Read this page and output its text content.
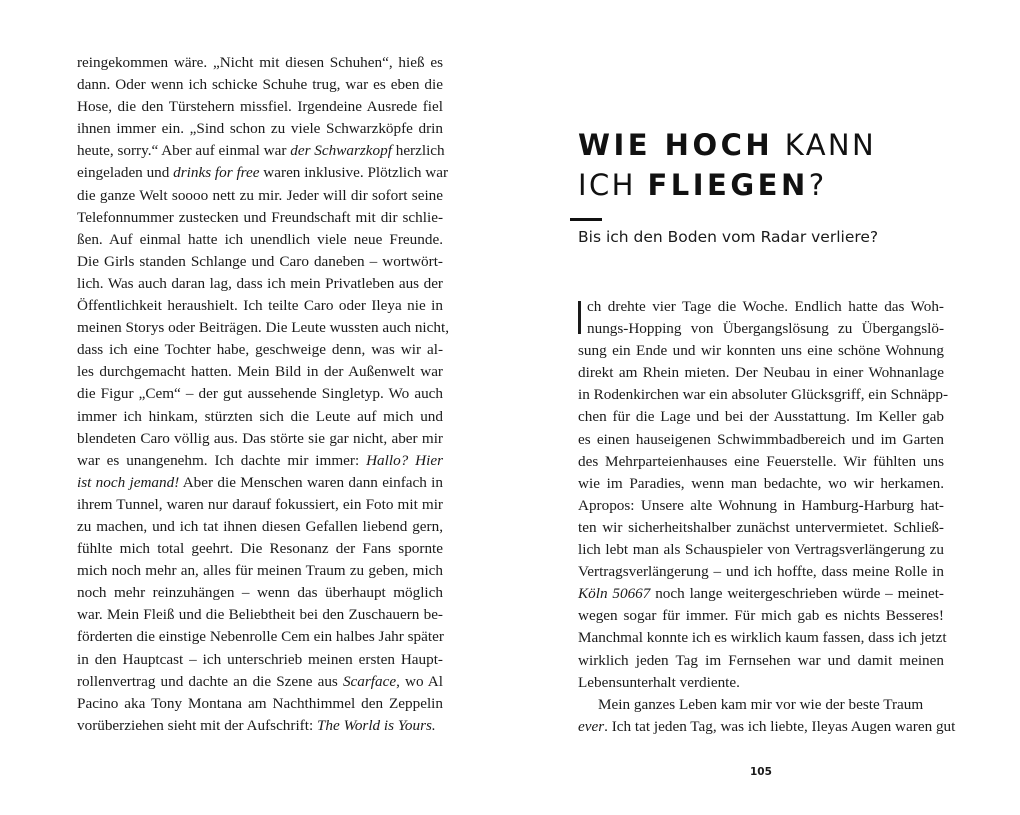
reingekommen wäre. „Nicht mit diesen Schuhen“, hieß es
dann. Oder wenn ich schicke Schuhe trug, war es eben die
Hose, die den Türstehern missfiel. Irgendeine Ausrede fiel
ihnen immer ein. „Sind schon zu viele Schwarzköpfe drin
heute, sorry.“ Aber auf einmal war der Schwarzkopf herzlich
eingeladen und drinks for free waren inklusive. Plötzlich war
die ganze Welt soooo nett zu mir. Jeder will dir sofort seine
Telefonnummer zustecken und Freundschaft mit dir schlie-
ßen. Auf einmal hatte ich unendlich viele neue Freunde.
Die Girls standen Schlange und Caro daneben – wortwört-
lich. Was auch daran lag, dass ich mein Privatleben aus der
Öffentlichkeit heraushielt. Ich teilte Caro oder Ileya nie in
meinen Storys oder Beiträgen. Die Leute wussten auch nicht,
dass ich eine Tochter habe, geschweige denn, was wir al-
les durchgemacht hatten. Mein Bild in der Außenwelt war
die Figur „Cem“ – der gut aussehende Singletyp. Wo auch
immer ich hinkam, stürzten sich die Leute auf mich und
blendeten Caro völlig aus. Das störte sie gar nicht, aber mir
war es unangenehm. Ich dachte mir immer: Hallo? Hier
ist noch jemand! Aber die Menschen waren dann einfach in
ihrem Tunnel, waren nur darauf fokussiert, ein Foto mit mir
zu machen, und ich tat ihnen diesen Gefallen liebend gern,
fühlte mich total geehrt. Die Resonanz der Fans spornte
mich noch mehr an, alles für meinen Traum zu geben, mich
noch mehr reinzuhängen – wenn das überhaupt möglich
war. Mein Fleiß und die Beliebtheit bei den Zuschauern be-
förderten die einstige Nebenrolle Cem ein halbes Jahr später
in den Hauptcast – ich unterschrieb meinen ersten Haupt-
rollenvertrag und dachte an die Szene aus Scarface, wo Al
Pacino aka Tony Montana am Nachthimmel den Zeppelin
vorüberziehen sieht mit der Aufschrift: The World is Yours.
WIE HOCH KANN
ICH FLIEGEN?
Bis ich den Boden vom Radar verliere?
ch drehte vier Tage die Woche. Endlich hatte das Woh-
nungs-Hopping von Übergangslösung zu Übergangslö-
sung ein Ende und wir konnten uns eine schöne Wohnung
direkt am Rhein mieten. Der Neubau in einer Wohnanlage
in Rodenkirchen war ein absoluter Glücksgriff, ein Schnäpp-
chen für die Lage und bei der Ausstattung. Im Keller gab
es einen hauseigenen Schwimmbadbereich und im Garten
des Mehrparteienhauses eine Feuerstelle. Wir fühlten uns
wie im Paradies, wenn man bedachte, wo wir herkamen.
Apropos: Unsere alte Wohnung in Hamburg-Harburg hat-
ten wir sicherheitshalber zunächst untervermietet. Schließ-
lich lebt man als Schauspieler von Vertragsverlängerung zu
Vertragsverlängerung – und ich hoffte, dass meine Rolle in
Köln 50667 noch lange weitergeschrieben würde – meinet-
wegen sogar für immer. Für mich gab es nichts Besseres!
Manchmal konnte ich es wirklich kaum fassen, dass ich jetzt
wirklich jeden Tag im Fernsehen war und damit meinen
Lebensunterhalt verdiente.
Mein ganzes Leben kam mir vor wie der beste Traum
ever. Ich tat jeden Tag, was ich liebte, Ileyas Augen waren gut

105
